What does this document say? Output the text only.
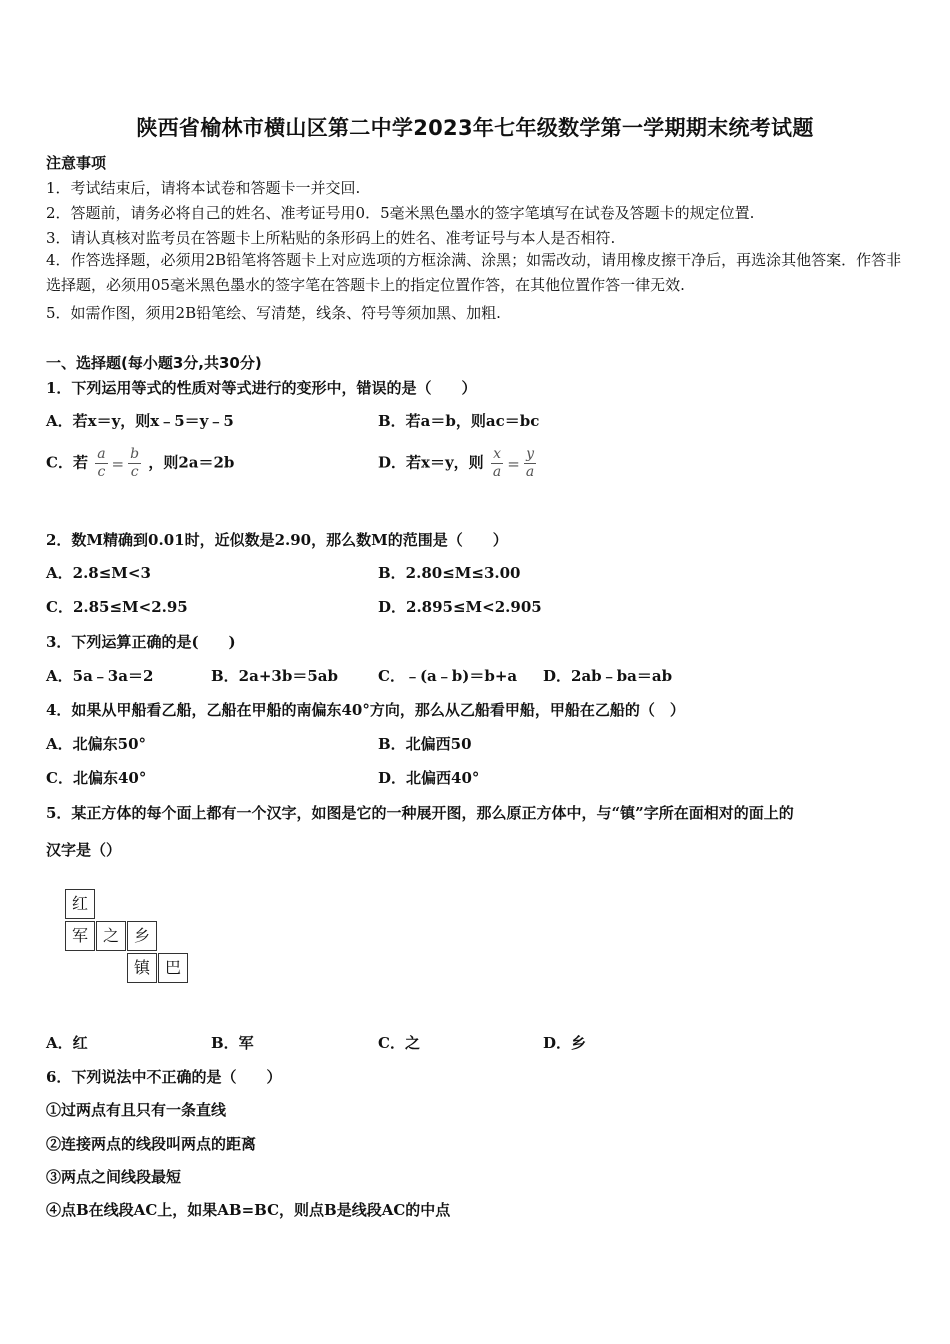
陕西省榆林市横山区第二中学2023年七年级数学第一学期期末统考试题
注意事项
1．考试结束后，请将本试卷和答题卡一并交回.
2．答题前，请务必将自己的姓名、准考证号用0．5毫米黑色墨水的签字笔填写在试卷及答题卡的规定位置.
3．请认真核对监考员在答题卡上所粘贴的条形码上的姓名、准考证号与本人是否相符.
4．作答选择题，必须用2B铅笔将答题卡上对应选项的方框涂满、涂黑；如需改动，请用橡皮擦干净后，再选涂其他答案．作答非选择题，必须用05毫米黑色墨水的签字笔在答题卡上的指定位置作答，在其他位置作答一律无效.
5．如需作图，须用2B铅笔绘、写清楚，线条、符号等须加黑、加粗.
一、选择题(每小题3分,共30分)
1．下列运用等式的性质对等式进行的变形中，错误的是（　　）
A．若x＝y，则x﹣5＝y﹣5	B．若a＝b，则ac＝bc
C．若 $\frac{a}{c} = \frac{b}{c}$ ，则2a＝2b	D．若x＝y，则 $\frac{x}{a} = \frac{y}{a}$
2．数M精确到0.01时，近似数是2.90，那么数M的范围是（　　）
A．2.8≤M<3	B．2.80≤M≤3.00
C．2.85≤M<2.95	D．2.895≤M<2.905
3．下列运算正确的是(　　)
A．5a﹣3a＝2	B．2a+3b＝5ab	C．﹣(a﹣b)＝b+a D．2ab﹣ba＝ab
4．如果从甲船看乙船，乙船在甲船的南偏东40°方向，那么从乙船看甲船，甲船在乙船的（　）
A．北偏东50°	B．北偏西50
C．北偏东40°	D．北偏西40°
5．某正方体的每个面上都有一个汉字，如图是它的一种展开图，那么原正方体中，与“镇”字所在面相对的面上的
汉字是（）
红
军 之 乡
镇 巴
A．红	B．军	C．之	D．乡
6．下列说法中不正确的是（　　）
①过两点有且只有一条直线
②连接两点的线段叫两点的距离
③两点之间线段最短
④点B在线段AC上，如果AB=BC，则点B是线段AC的中点
